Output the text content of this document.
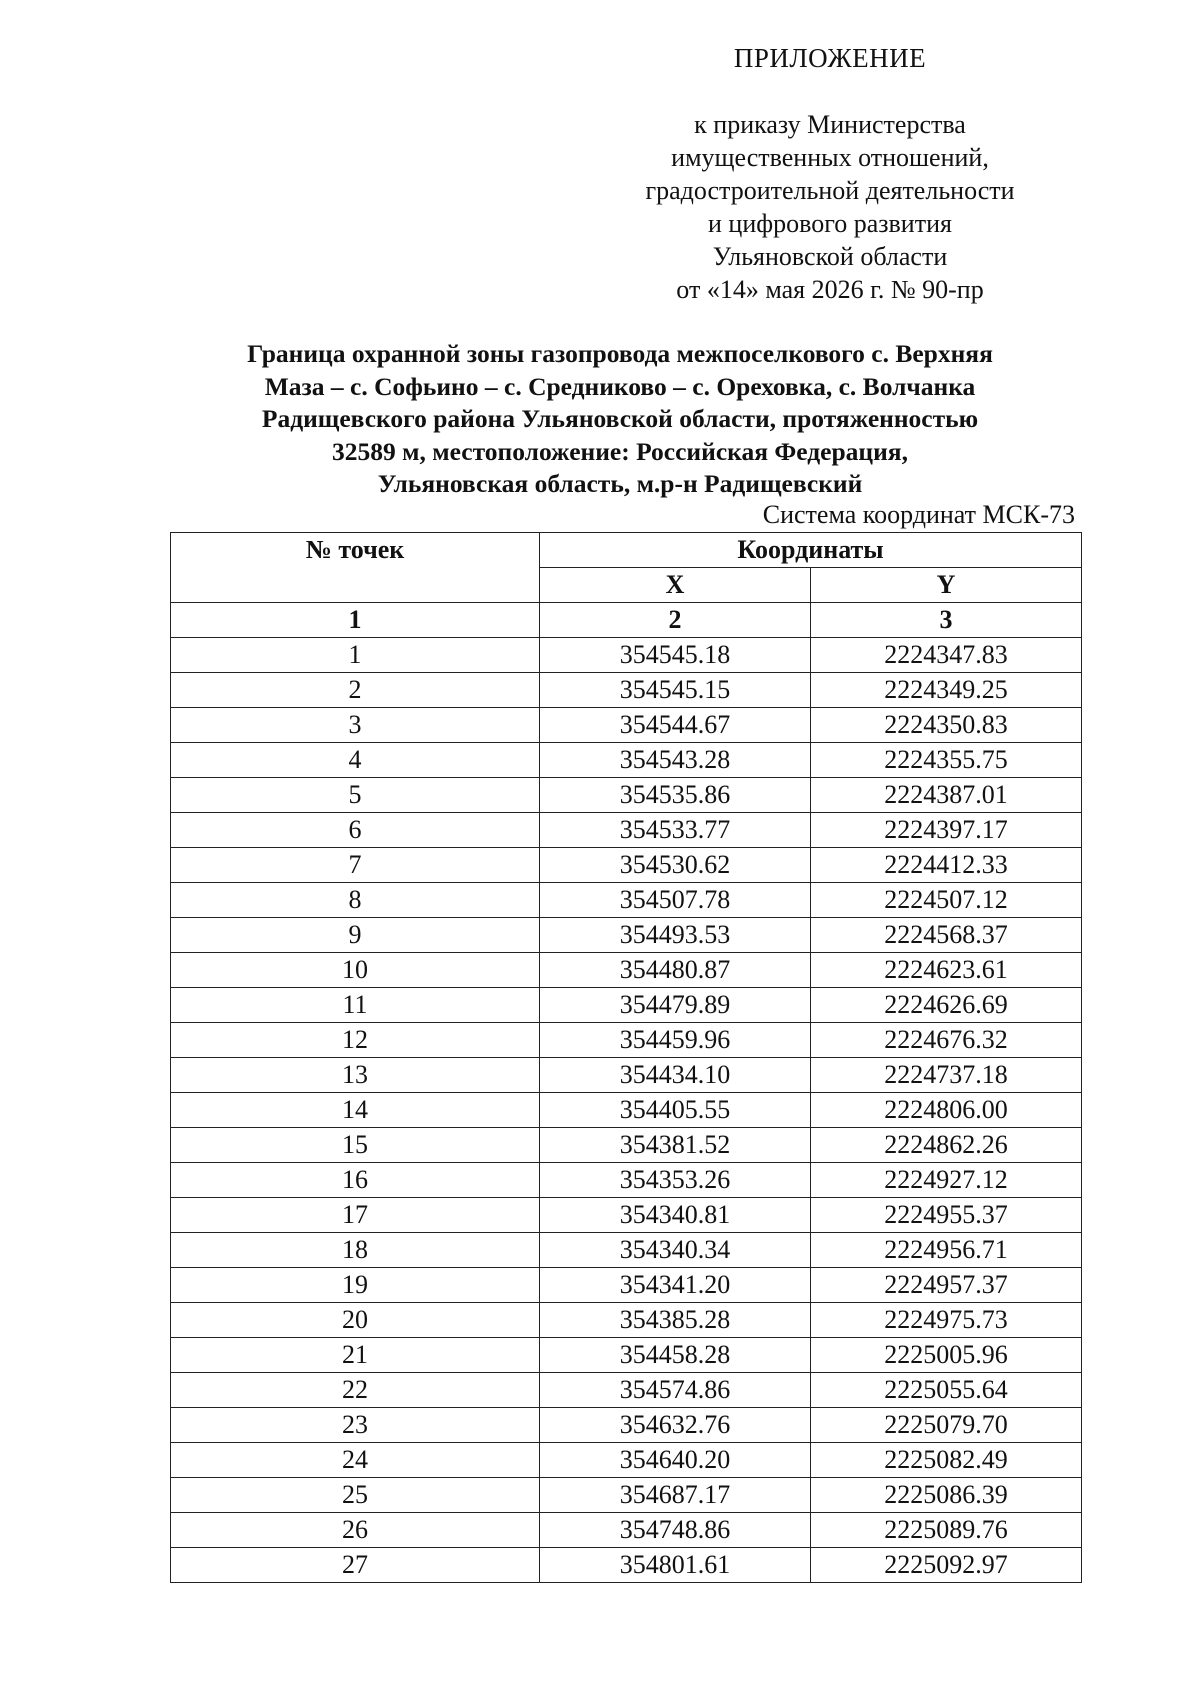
ПРИЛОЖЕНИЕ
к приказу Министерства
имущественных отношений,
градостроительной деятельности
и цифрового развития
Ульяновской области
от «14» мая 2026 г. № 90-пр
Граница охранной зоны газопровода межпоселкового с. Верхняя
Маза – с. Софьино – с. Средниково – с. Ореховка, с. Волчанка
Радищевского района Ульяновской области, протяженностью
32589 м, местоположение: Российская Федерация,
Ульяновская область, м.р-н Радищевский
Система координат МСК-73
№ точек	Координаты	
	X	Y
1	2	3
1	354545.18	2224347.83
2	354545.15	2224349.25
3	354544.67	2224350.83
4	354543.28	2224355.75
5	354535.86	2224387.01
6	354533.77	2224397.17
7	354530.62	2224412.33
8	354507.78	2224507.12
9	354493.53	2224568.37
10	354480.87	2224623.61
11	354479.89	2224626.69
12	354459.96	2224676.32
13	354434.10	2224737.18
14	354405.55	2224806.00
15	354381.52	2224862.26
16	354353.26	2224927.12
17	354340.81	2224955.37
18	354340.34	2224956.71
19	354341.20	2224957.37
20	354385.28	2224975.73
21	354458.28	2225005.96
22	354574.86	2225055.64
23	354632.76	2225079.70
24	354640.20	2225082.49
25	354687.17	2225086.39
26	354748.86	2225089.76
27	354801.61	2225092.97
